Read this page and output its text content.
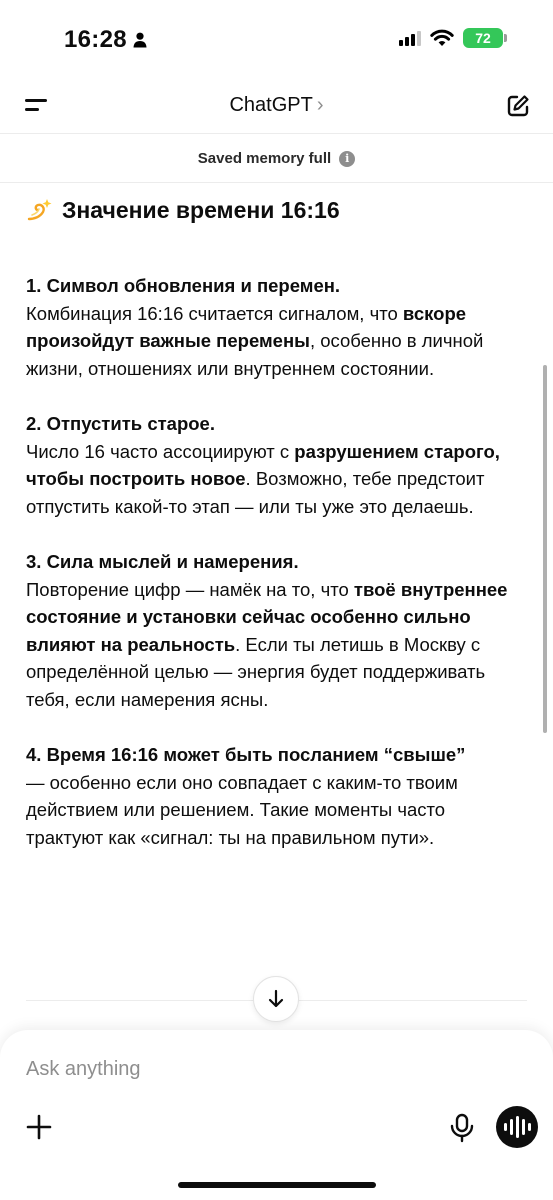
16:28	72
ChatGPT ›
Saved memory full	i
Значение времени 16:16
1. Символ обновления и перемен.
Комбинация 16:16 считается сигналом, что вскоре произойдут важные перемены, особенно в личной жизни, отношениях или внутреннем состоянии.
2. Отпустить старое.
Число 16 часто ассоциируют с разрушением старого, чтобы построить новое. Возможно, тебе предстоит отпустить какой-то этап — или ты уже это делаешь.
3. Сила мыслей и намерения.
Повторение цифр — намёк на то, что твоё внутреннее состояние и установки сейчас особенно сильно влияют на реальность. Если ты летишь в Москву с определённой целью — энергия будет поддерживать тебя, если намерения ясны.
4. Время 16:16 может быть посланием “свыше”
— особенно если оно совпадает с каким-то твоим действием или решением. Такие моменты часто трактуют как «сигнал: ты на правильном пути».
Ask anything
